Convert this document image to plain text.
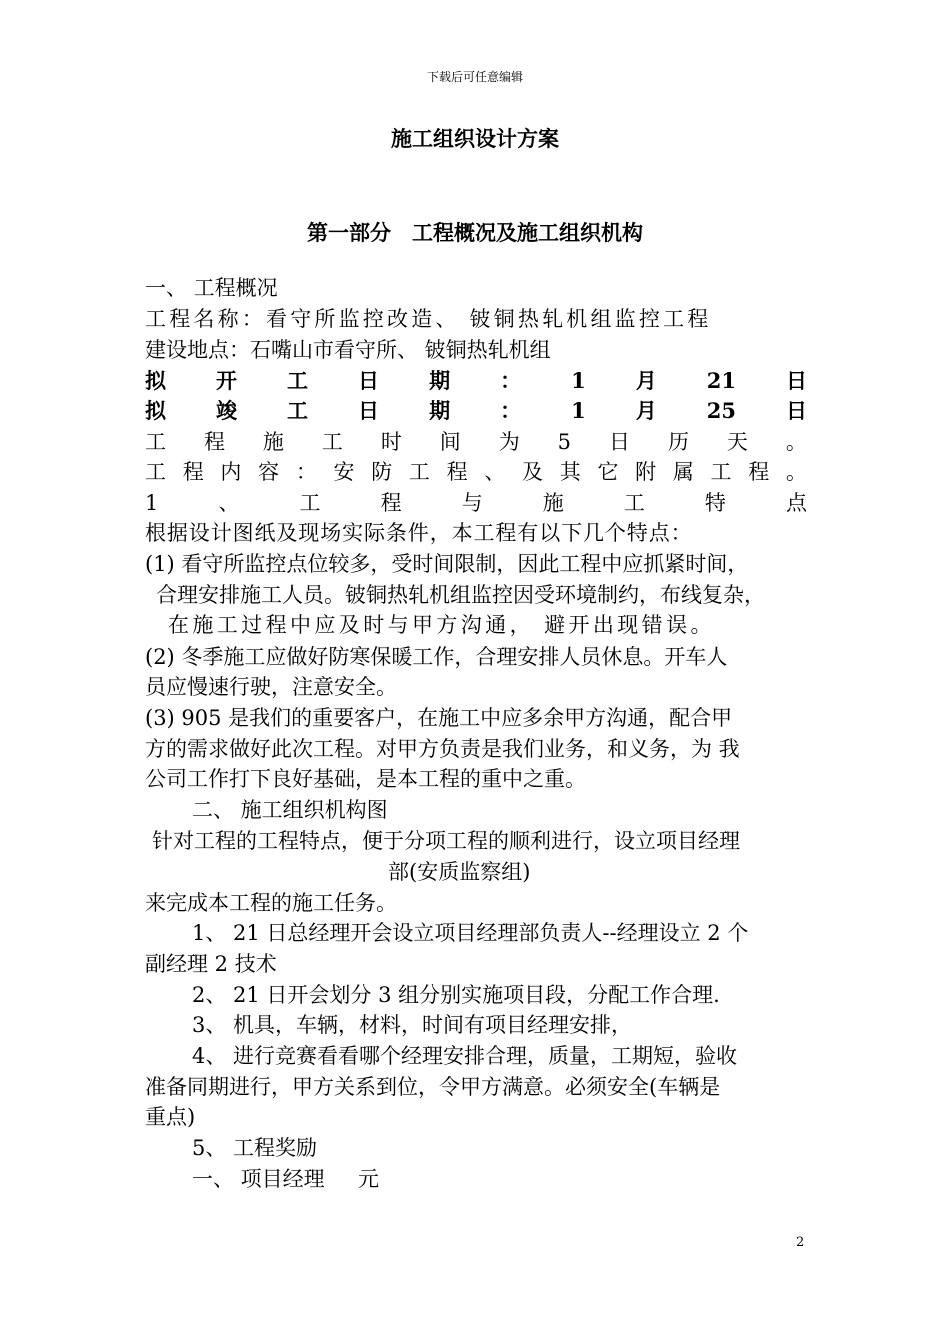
下载后可任意编辑
施工组织设计方案
第一部分　工程概况及施工组织机构
一、 工程概况
工程名称：看守所监控改造、 铍铜热轧机组监控工程
建设地点：石嘴山市看守所、 铍铜热轧机组
拟 开 工 日 期 ： 1 月 21 日
拟 竣 工 日 期 ： 1 月 25 日
工 程 施 工 时 间 为 5 日 历 天 。
工 程 内 容 ： 安 防 工 程 、 及 其 它 附 属 工 程 。
1	、	工	程	与	施	工	特	点
根据设计图纸及现场实际条件，本工程有以下几个特点：
(1) 看守所监控点位较多，受时间限制，因此工程中应抓紧时间，
合理安排施工人员。铍铜热轧机组监控因受环境制约，布线复杂，
在施工过程中应及时与甲方沟通， 避开出现错误。
(2) 冬季施工应做好防寒保暖工作，合理安排人员休息。开车人
员应慢速行驶，注意安全。
(3) 905 是我们的重要客户，在施工中应多余甲方沟通，配合甲
方的需求做好此次工程。对甲方负责是我们业务，和义务，为 我
公司工作打下良好基础，是本工程的重中之重。
二、 施工组织机构图
针对工程的工程特点，便于分项工程的顺利进行，设立项目经理
部(安质监察组)
来完成本工程的施工任务。
1、 21 日总经理开会设立项目经理部负责人--经理设立 2 个
副经理 2 技术
2、 21 日开会划分 3 组分别实施项目段，分配工作合理.
3、 机具，车辆，材料，时间有项目经理安排，
4、 进行竞赛看看哪个经理安排合理，质量，工期短，验收
准备同期进行，甲方关系到位，令甲方满意。必须安全(车辆是
重点)
5、 工程奖励
一、 项目经理     元
2
